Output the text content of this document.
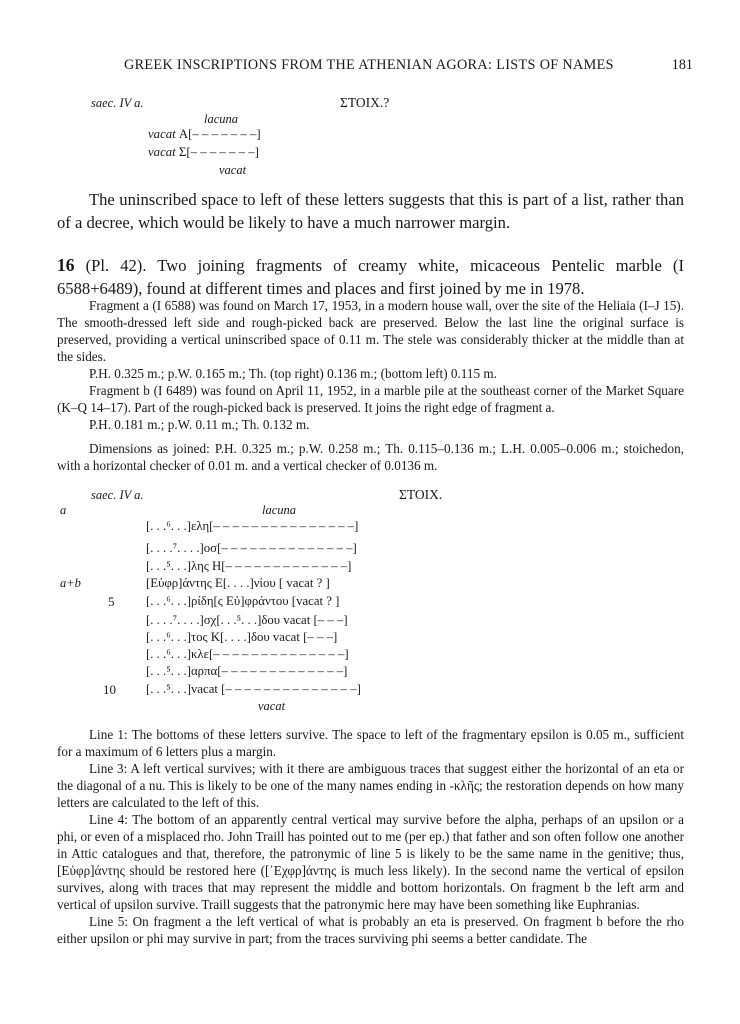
GREEK INSCRIPTIONS FROM THE ATHENIAN AGORA: LISTS OF NAMES	181
saec. IV a.	ΣΤΟΙΧ.?
lacuna
vacat Α[– – – – – – –]
vacat Σ[– – – – – – –]
vacat

The uninscribed space to left of these letters suggests that this is part of a list, rather than of a decree, which would be likely to have a much narrower margin.

16 (Pl. 42). Two joining fragments of creamy white, micaceous Pentelic marble (I 6588+6489), found at different times and places and first joined by me in 1978.

Fragment a (I 6588) was found on March 17, 1953, in a modern house wall, over the site of the Heliaia (I–J 15). The smooth-dressed left side and rough-picked back are preserved. Below the last line the original surface is preserved, providing a vertical uninscribed space of 0.11 m. The stele was considerably thicker at the middle than at the sides.

P.H. 0.325 m.; p.W. 0.165 m.; Th. (top right) 0.136 m.; (bottom left) 0.115 m.

Fragment b (I 6489) was found on April 11, 1952, in a marble pile at the southeast corner of the Market Square (K–Q 14–17). Part of the rough-picked back is preserved. It joins the right edge of fragment a.

P.H. 0.181 m.; p.W. 0.11 m.; Th. 0.132 m.

Dimensions as joined: P.H. 0.325 m.; p.W. 0.258 m.; Th. 0.115–0.136 m.; L.H. 0.005–0.006 m.; stoichedon, with a horizontal checker of 0.01 m. and a vertical checker of 0.0136 m.

saec. IV a.	ΣΤΟΙΧ.
a	lacuna
[. . .⁶. . .]ελη[– – – – – – – – – – – – – – –]
[. . . .⁷. . . .]οσ[– – – – – – – – – – – – – –]
[. . .⁵. . .]λης Η[– – – – – – – – – – – – –]
a+b	[Εὐφρ]άντης Ε[. . . .]νίου [ vacat ? ]
5 [. . .⁶. . .]ρίδη[ς Εὐ]φράντου [vacat ? ]
[. . . .⁷. . . .]σχ[. . .⁵. . .]δου vacat [– – –]
[. . .⁶. . .]τος Κ[. . . .]δου vacat [– – –]
[. . .⁶. . .]κλε[– – – – – – – – – – – – – –]
[. . .⁵. . .]αρπα[– – – – – – – – – – – – –]
10 [. . .⁵. . .]vacat [– – – – – – – – – – – – – –]
vacat

Line 1: The bottoms of these letters survive. The space to left of the fragmentary epsilon is 0.05 m., sufficient for a maximum of 6 letters plus a margin.

Line 3: A left vertical survives; with it there are ambiguous traces that suggest either the horizontal of an eta or the diagonal of a nu. This is likely to be one of the many names ending in -κλῆς; the restoration depends on how many letters are calculated to the left of this.

Line 4: The bottom of an apparently central vertical may survive before the alpha, perhaps of an upsilon or a phi, or even of a misplaced rho. John Traill has pointed out to me (per ep.) that father and son often follow one another in Attic catalogues and that, therefore, the patronymic of line 5 is likely to be the same name in the genitive; thus, [Εὐφρ]άντης should be restored here ([᾿Εχφρ]άντης is much less likely). In the second name the vertical of epsilon survives, along with traces that may represent the middle and bottom horizontals. On fragment b the left arm and vertical of upsilon survive. Traill suggests that the patronymic here may have been something like Euphranias.

Line 5: On fragment a the left vertical of what is probably an eta is preserved. On fragment b before the rho either upsilon or phi may survive in part; from the traces surviving phi seems a better candidate. The
